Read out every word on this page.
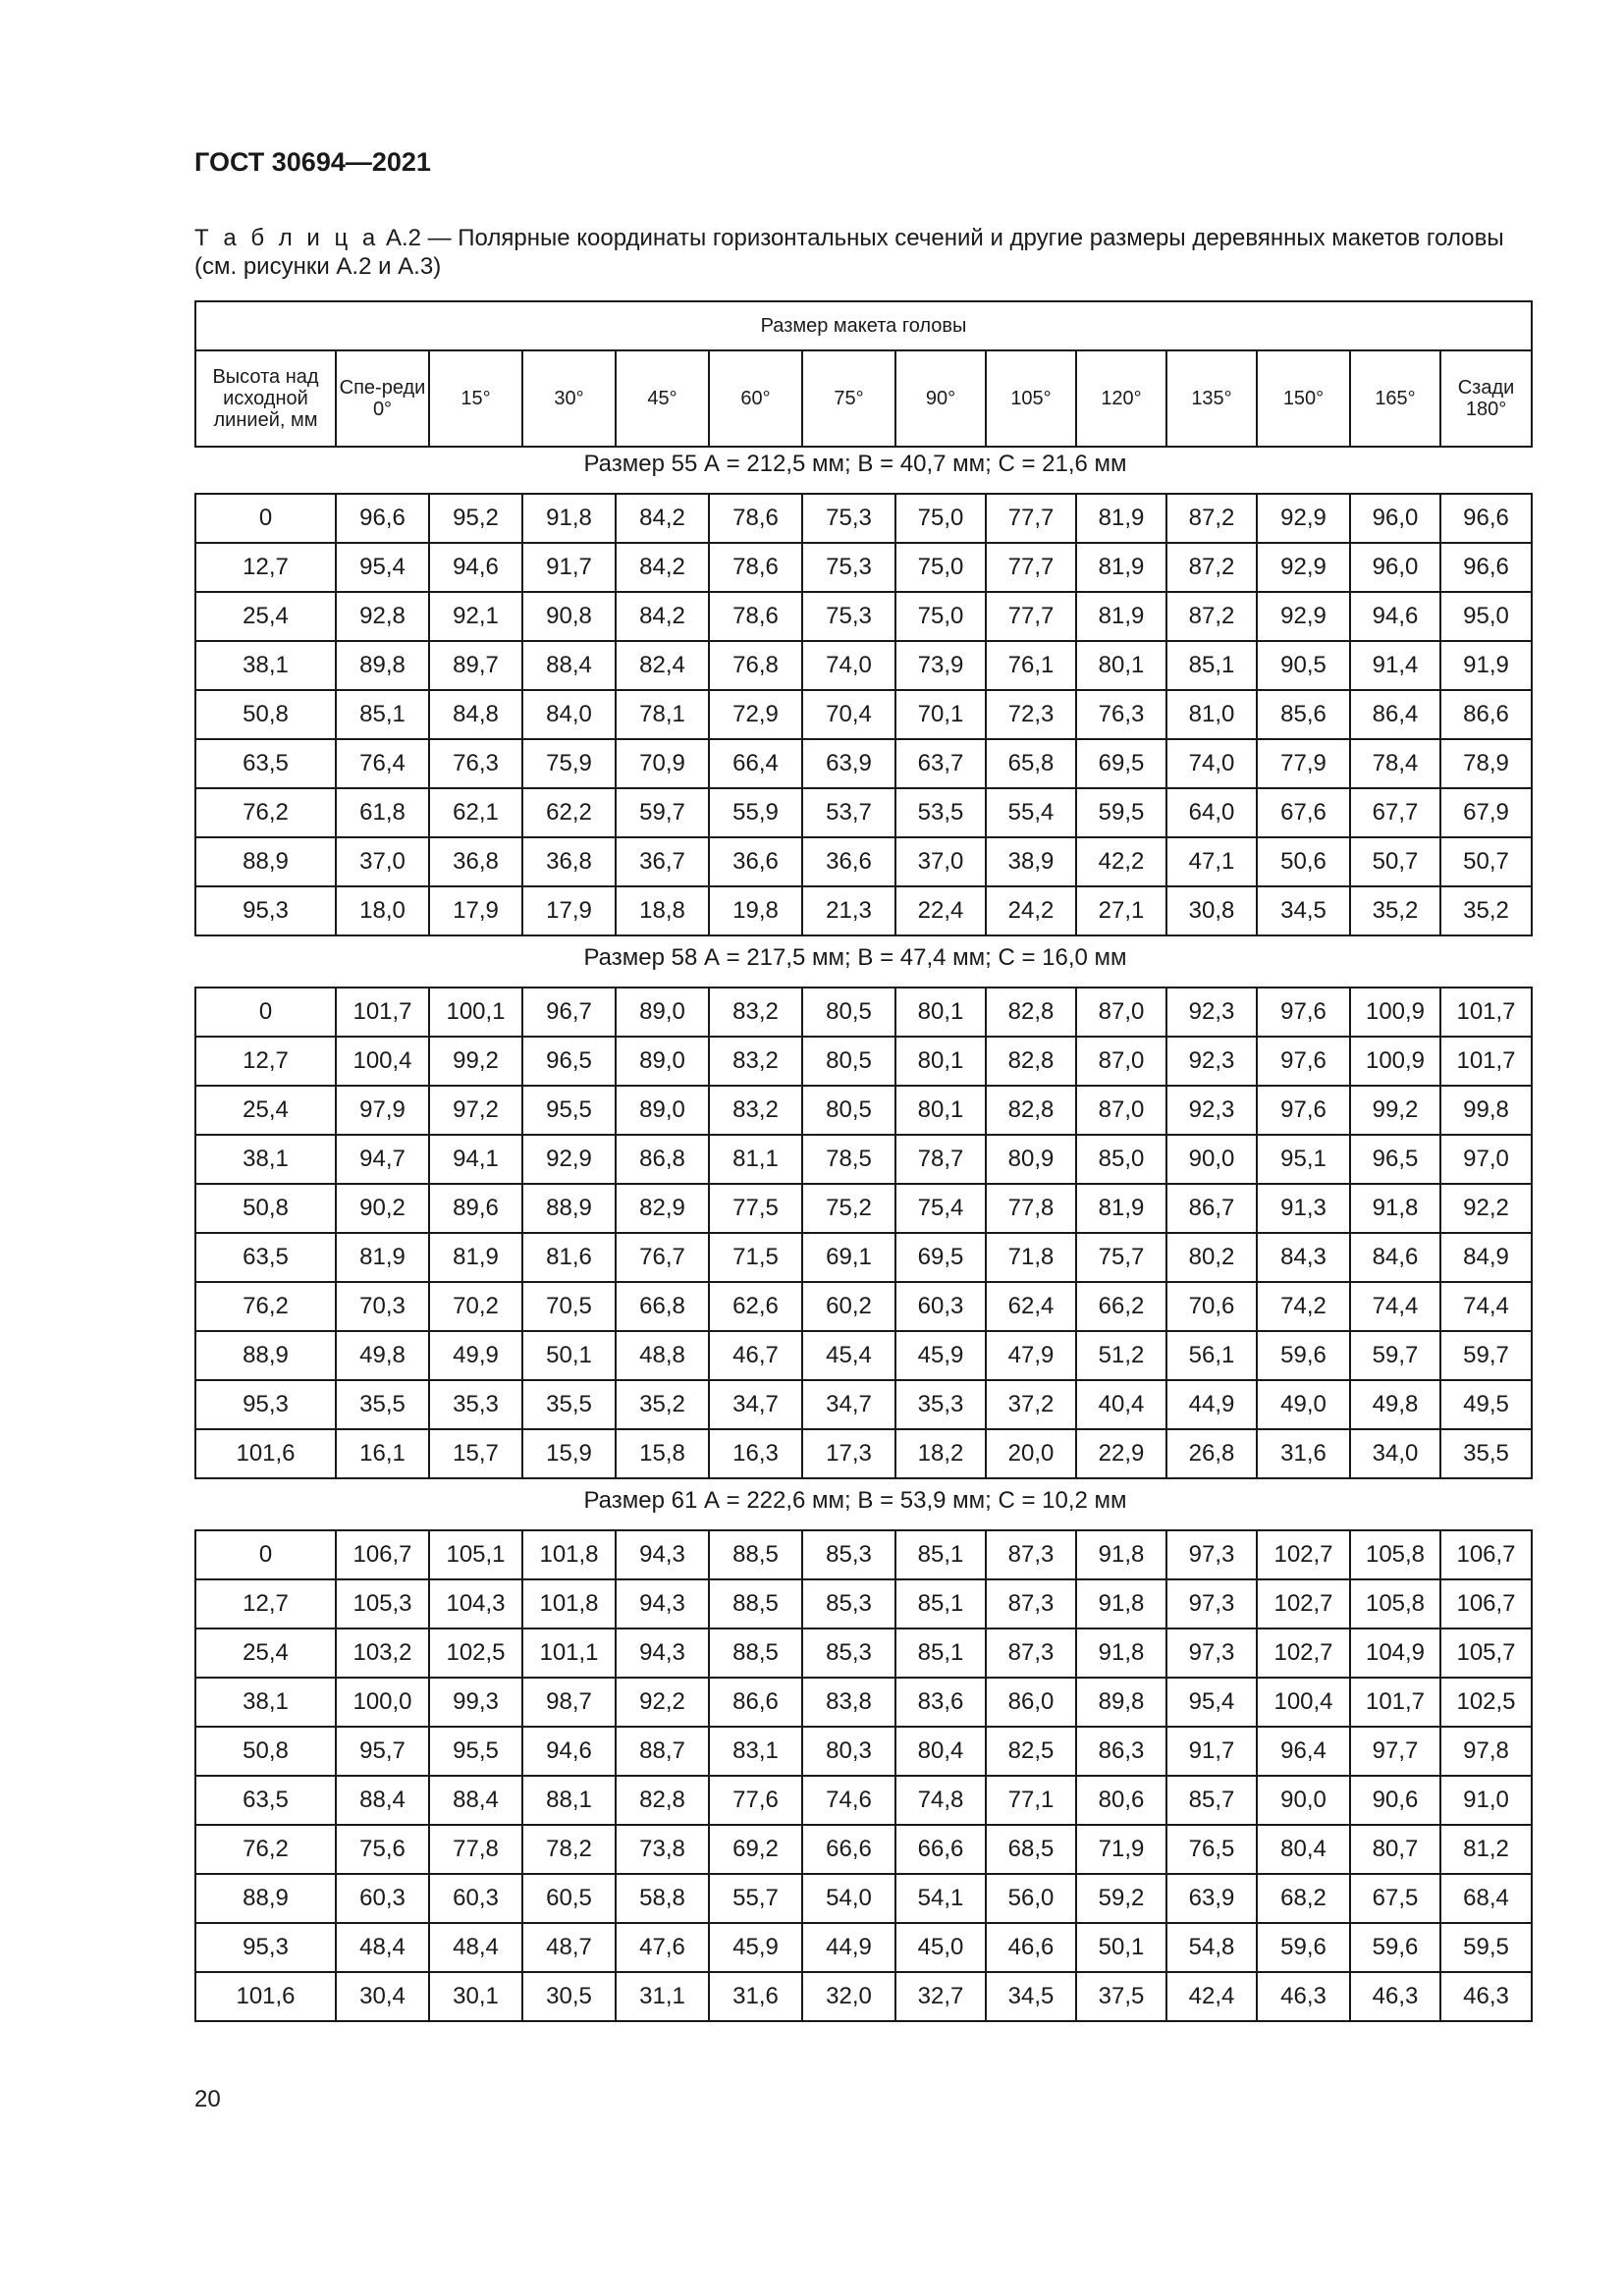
ГОСТ 30694—2021
Т а б л и ц а А.2 — Полярные координаты горизонтальных сечений и другие размеры деревянных макетов головы (см. рисунки А.2 и А.3)
Размер макета головы
Высота над исходной линией, мм	Спе-реди 0°	15°	30°	45°	60°	75°	90°	105°	120°	135°	150°	165°	Сзади 180°
Размер 55 А = 212,5 мм; В = 40,7 мм; С = 21,6 мм
0	96,6	95,2	91,8	84,2	78,6	75,3	75,0	77,7	81,9	87,2	92,9	96,0	96,6
12,7	95,4	94,6	91,7	84,2	78,6	75,3	75,0	77,7	81,9	87,2	92,9	96,0	96,6
25,4	92,8	92,1	90,8	84,2	78,6	75,3	75,0	77,7	81,9	87,2	92,9	94,6	95,0
38,1	89,8	89,7	88,4	82,4	76,8	74,0	73,9	76,1	80,1	85,1	90,5	91,4	91,9
50,8	85,1	84,8	84,0	78,1	72,9	70,4	70,1	72,3	76,3	81,0	85,6	86,4	86,6
63,5	76,4	76,3	75,9	70,9	66,4	63,9	63,7	65,8	69,5	74,0	77,9	78,4	78,9
76,2	61,8	62,1	62,2	59,7	55,9	53,7	53,5	55,4	59,5	64,0	67,6	67,7	67,9
88,9	37,0	36,8	36,8	36,7	36,6	36,6	37,0	38,9	42,2	47,1	50,6	50,7	50,7
95,3	18,0	17,9	17,9	18,8	19,8	21,3	22,4	24,2	27,1	30,8	34,5	35,2	35,2
Размер 58 А = 217,5 мм; В = 47,4 мм; С = 16,0 мм
0	101,7	100,1	96,7	89,0	83,2	80,5	80,1	82,8	87,0	92,3	97,6	100,9	101,7
12,7	100,4	99,2	96,5	89,0	83,2	80,5	80,1	82,8	87,0	92,3	97,6	100,9	101,7
25,4	97,9	97,2	95,5	89,0	83,2	80,5	80,1	82,8	87,0	92,3	97,6	99,2	99,8
38,1	94,7	94,1	92,9	86,8	81,1	78,5	78,7	80,9	85,0	90,0	95,1	96,5	97,0
50,8	90,2	89,6	88,9	82,9	77,5	75,2	75,4	77,8	81,9	86,7	91,3	91,8	92,2
63,5	81,9	81,9	81,6	76,7	71,5	69,1	69,5	71,8	75,7	80,2	84,3	84,6	84,9
76,2	70,3	70,2	70,5	66,8	62,6	60,2	60,3	62,4	66,2	70,6	74,2	74,4	74,4
88,9	49,8	49,9	50,1	48,8	46,7	45,4	45,9	47,9	51,2	56,1	59,6	59,7	59,7
95,3	35,5	35,3	35,5	35,2	34,7	34,7	35,3	37,2	40,4	44,9	49,0	49,8	49,5
101,6	16,1	15,7	15,9	15,8	16,3	17,3	18,2	20,0	22,9	26,8	31,6	34,0	35,5
Размер 61 А = 222,6 мм; В = 53,9 мм; С = 10,2 мм
0	106,7	105,1	101,8	94,3	88,5	85,3	85,1	87,3	91,8	97,3	102,7	105,8	106,7
12,7	105,3	104,3	101,8	94,3	88,5	85,3	85,1	87,3	91,8	97,3	102,7	105,8	106,7
25,4	103,2	102,5	101,1	94,3	88,5	85,3	85,1	87,3	91,8	97,3	102,7	104,9	105,7
38,1	100,0	99,3	98,7	92,2	86,6	83,8	83,6	86,0	89,8	95,4	100,4	101,7	102,5
50,8	95,7	95,5	94,6	88,7	83,1	80,3	80,4	82,5	86,3	91,7	96,4	97,7	97,8
63,5	88,4	88,4	88,1	82,8	77,6	74,6	74,8	77,1	80,6	85,7	90,0	90,6	91,0
76,2	75,6	77,8	78,2	73,8	69,2	66,6	66,6	68,5	71,9	76,5	80,4	80,7	81,2
88,9	60,3	60,3	60,5	58,8	55,7	54,0	54,1	56,0	59,2	63,9	68,2	67,5	68,4
95,3	48,4	48,4	48,7	47,6	45,9	44,9	45,0	46,6	50,1	54,8	59,6	59,6	59,5
101,6	30,4	30,1	30,5	31,1	31,6	32,0	32,7	34,5	37,5	42,4	46,3	46,3	46,3
20
